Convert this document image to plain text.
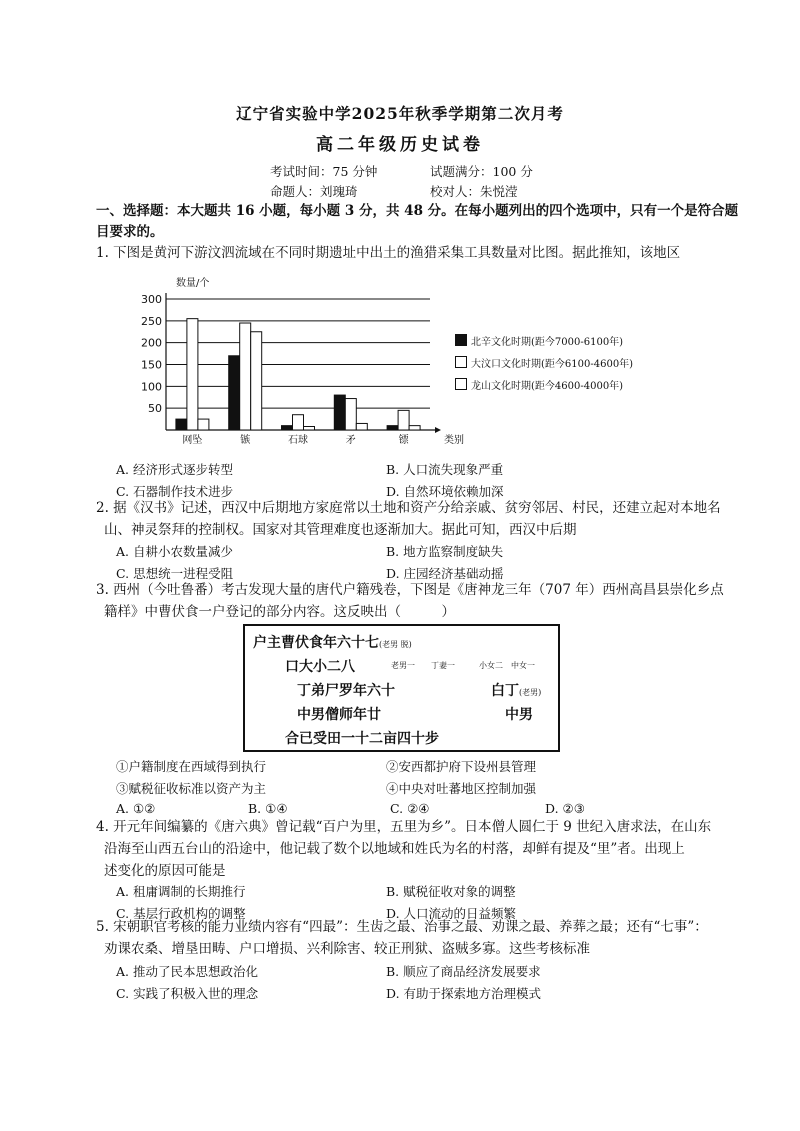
辽宁省实验中学2025年秋季学期第二次月考
高二年级历史试卷
考试时间：75 分钟	试题满分：100 分
命题人：刘瑰琦	校对人：朱悦滢
一、选择题：本大题共 16 小题，每小题 3 分，共 48 分。在每小题列出的四个选项中，只有一个是符合题
目要求的。
1. 下图是黄河下游汶泗流域在不同时期遗址中出土的渔猎采集工具数量对比图。据此推知，该地区
数量/个
300
250
200
150
100
50
类别
网坠	镞	石球	矛	镖
北辛文化时期(距今7000-6100年)
大汶口文化时期(距今6100-4600年)
龙山文化时期(距今4600-4000年)
A. 经济形式逐步转型	B. 人口流失现象严重
C. 石器制作技术进步	D. 自然环境依赖加深
2. 据《汉书》记述，西汉中后期地方家庭常以土地和资产分给亲戚、贫穷邻居、村民，还建立起对本地名
山、神灵祭拜的控制权。国家对其管理难度也逐渐加大。据此可知，西汉中后期
A. 自耕小农数量减少	B. 地方监察制度缺失
C. 思想统一进程受阻	D. 庄园经济基础动摇
3. 西州（今吐鲁番）考古发现大量的唐代户籍残卷，下图是《唐神龙三年（707 年）西州高昌县崇化乡点
籍样》中曹伏食一户登记的部分内容。这反映出（　　　）
户主曹伏食年六十七(老男 脱)
口大小二八	老男一　　丁妻一　　　小女二　中女一
丁弟尸罗年六十	白丁(老男)
中男僧师年廿	中男
合已受田一十二亩四十步
①户籍制度在西域得到执行	②安西都护府下设州县管理
③赋税征收标准以资产为主	④中央对吐蕃地区控制加强
A. ①②	B. ①④	C. ②④	D. ②③
4. 开元年间编纂的《唐六典》曾记载“百户为里，五里为乡”。日本僧人圆仁于 9 世纪入唐求法，在山东
沿海至山西五台山的沿途中，他记载了数个以地域和姓氏为名的村落，却鲜有提及“里”者。出现上
述变化的原因可能是
A. 租庸调制的长期推行	B. 赋税征收对象的调整
C. 基层行政机构的调整	D. 人口流动的日益频繁
5. 宋朝职官考核的能力业绩内容有“四最”：生齿之最、治事之最、劝课之最、养葬之最；还有“七事”：
劝课农桑、增垦田畴、户口增损、兴利除害、较正刑狱、盗贼多寡。这些考核标准
A. 推动了民本思想政治化	B. 顺应了商品经济发展要求
C. 实践了积极入世的理念	D. 有助于探索地方治理模式
